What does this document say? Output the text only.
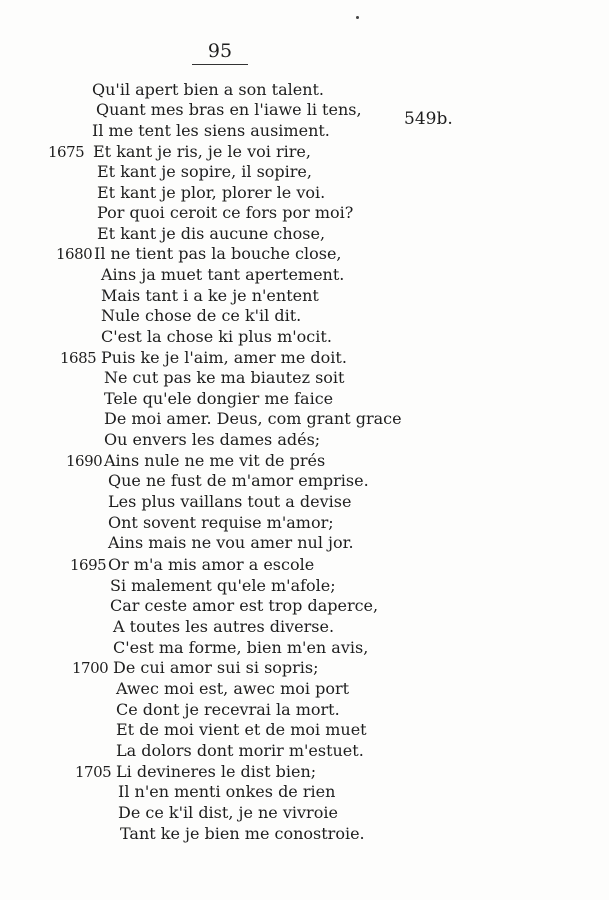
95
549b.
Qu'il apert bien a son talent.
Quant mes bras en l'iawe li tens,
Il me tent les siens ausiment.
1675 Et kant je ris, je le voi rire,
Et kant je sopire, il sopire,
Et kant je plor, plorer le voi.
Por quoi ceroit ce fors por moi?
Et kant je dis aucune chose,
1680 Il ne tient pas la bouche close,
Ains ja muet tant apertement.
Mais tant i a ke je n'entent
Nule chose de ce k'il dit.
C'est la chose ki plus m'ocit.
1685 Puis ke je l'aim, amer me doit.
Ne cut pas ke ma biautez soit
Tele qu'ele dongier me faice
De moi amer. Deus, com grant grace
Ou envers les dames adés;
1690 Ains nule ne me vit de prés
Que ne fust de m'amor emprise.
Les plus vaillans tout a devise
Ont sovent requise m'amor;
Ains mais ne vou amer nul jor.
1695 Or m'a mis amor a escole
Si malement qu'ele m'afole;
Car ceste amor est trop daperce,
A toutes les autres diverse.
C'est ma forme, bien m'en avis,
1700 De cui amor sui si sopris;
Awec moi est, awec moi port
Ce dont je recevrai la mort.
Et de moi vient et de moi muet
La dolors dont morir m'estuet.
1705 Li devineres le dist bien;
Il n'en menti onkes de rien
De ce k'il dist, je ne vivroie
Tant ke je bien me conostroie.
